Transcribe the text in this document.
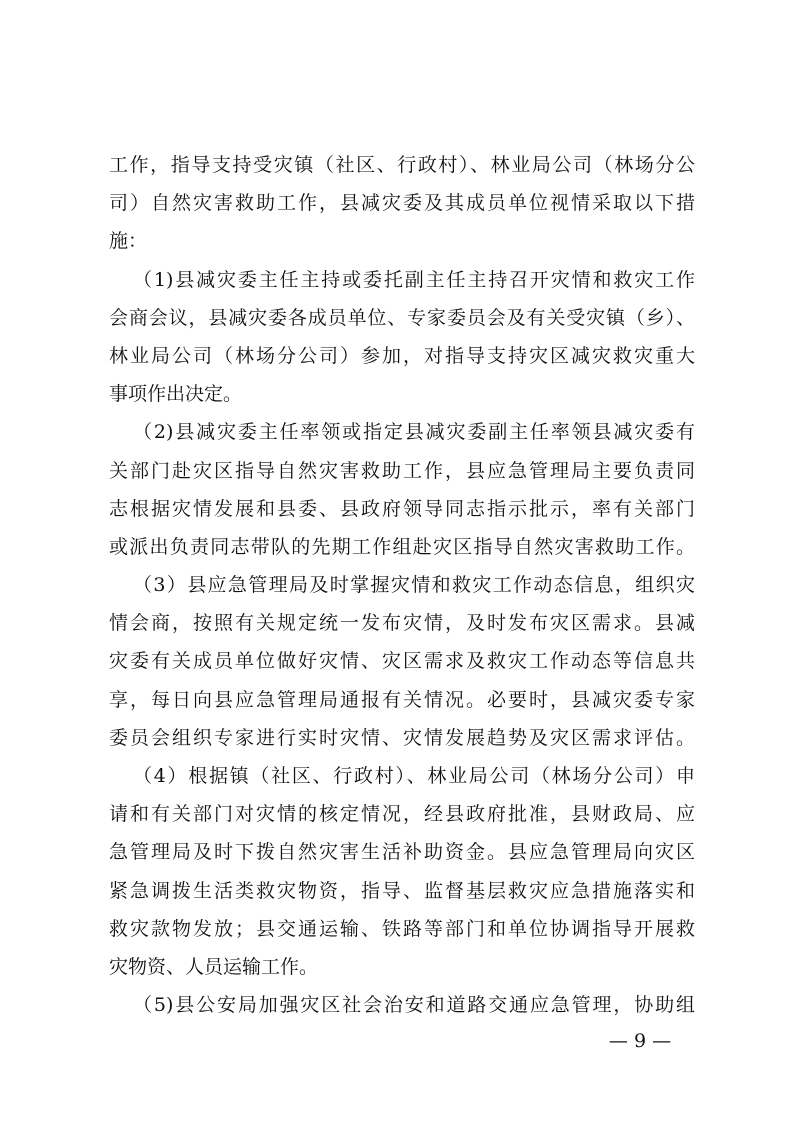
工作，指导支持受灾镇（社区、行政村）、林业局公司（林场分公
司）自然灾害救助工作，县减灾委及其成员单位视情采取以下措
施：
（1)县减灾委主任主持或委托副主任主持召开灾情和救灾工作
会商会议，县减灾委各成员单位、专家委员会及有关受灾镇（乡）、
林业局公司（林场分公司）参加，对指导支持灾区减灾救灾重大
事项作出决定。
（2)县减灾委主任率领或指定县减灾委副主任率领县减灾委有
关部门赴灾区指导自然灾害救助工作，县应急管理局主要负责同
志根据灾情发展和县委、县政府领导同志指示批示，率有关部门
或派出负责同志带队的先期工作组赴灾区指导自然灾害救助工作。
（3）县应急管理局及时掌握灾情和救灾工作动态信息，组织灾
情会商，按照有关规定统一发布灾情，及时发布灾区需求。县减
灾委有关成员单位做好灾情、灾区需求及救灾工作动态等信息共
享，每日向县应急管理局通报有关情况。必要时，县减灾委专家
委员会组织专家进行实时灾情、灾情发展趋势及灾区需求评估。
（4）根据镇（社区、行政村）、林业局公司（林场分公司）申
请和有关部门对灾情的核定情况，经县政府批准，县财政局、应
急管理局及时下拨自然灾害生活补助资金。县应急管理局向灾区
紧急调拨生活类救灾物资，指导、监督基层救灾应急措施落实和
救灾款物发放；县交通运输、铁路等部门和单位协调指导开展救
灾物资、人员运输工作。
（5)县公安局加强灾区社会治安和道路交通应急管理，协助组
— 9 —
